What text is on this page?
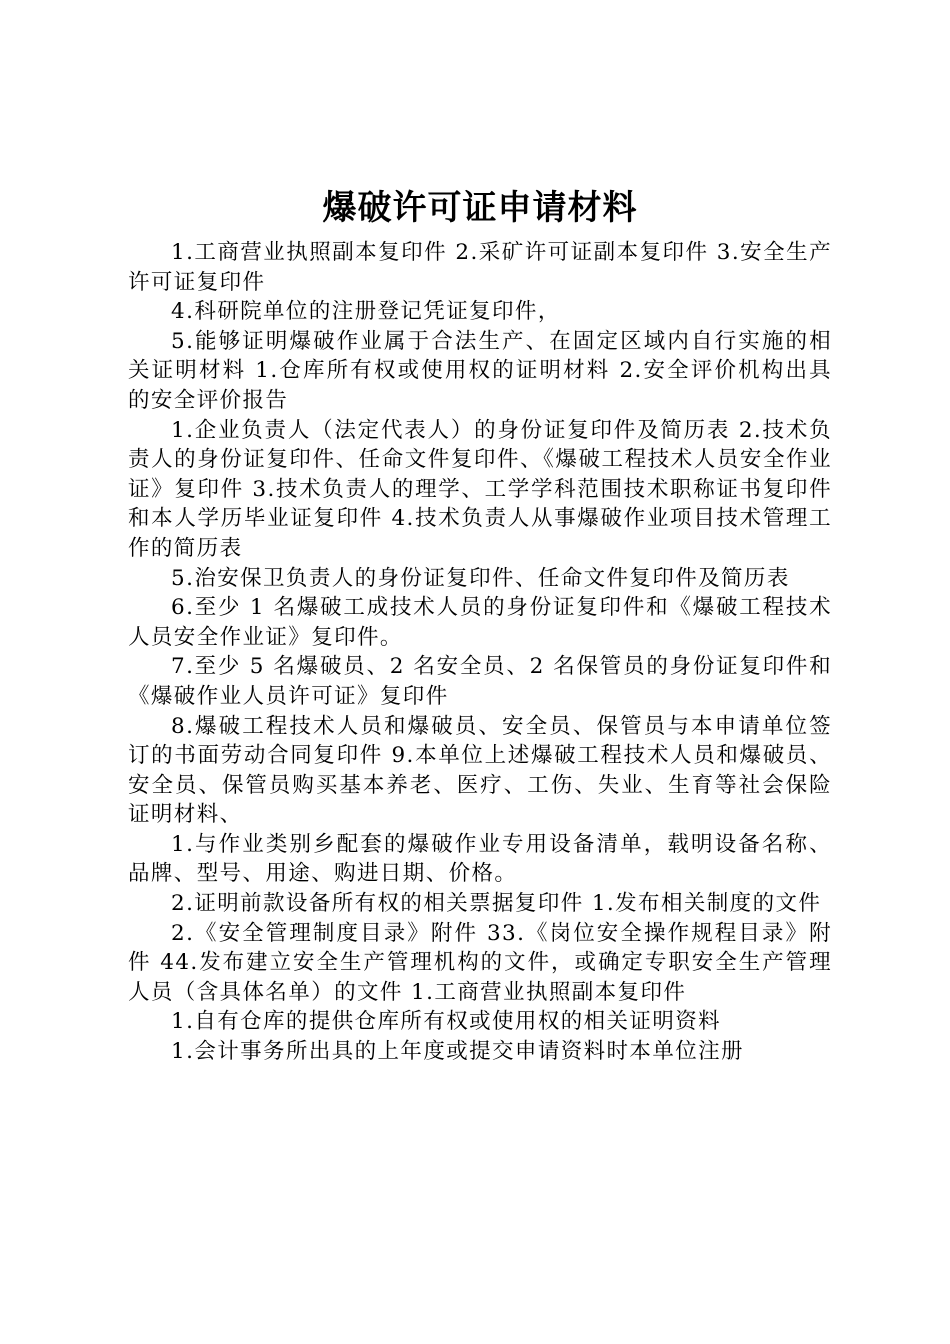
爆破许可证申请材料

1.工商营业执照副本复印件 2.采矿许可证副本复印件 3.安全生产许可证复印件

4.科研院单位的注册登记凭证复印件，

5.能够证明爆破作业属于合法生产、在固定区域内自行实施的相关证明材料 1.仓库所有权或使用权的证明材料 2.安全评价机构出具的安全评价报告

1.企业负责人（法定代表人）的身份证复印件及简历表 2.技术负责人的身份证复印件、任命文件复印件、《爆破工程技术人员安全作业证》复印件 3.技术负责人的理学、工学学科范围技术职称证书复印件和本人学历毕业证复印件 4.技术负责人从事爆破作业项目技术管理工作的简历表

5.治安保卫负责人的身份证复印件、任命文件复印件及简历表

6.至少 1 名爆破工成技术人员的身份证复印件和《爆破工程技术人员安全作业证》复印件。

7.至少 5 名爆破员、2 名安全员、2 名保管员的身份证复印件和《爆破作业人员许可证》复印件

8.爆破工程技术人员和爆破员、安全员、保管员与本申请单位签订的书面劳动合同复印件 9.本单位上述爆破工程技术人员和爆破员、安全员、保管员购买基本养老、医疗、工伤、失业、生育等社会保险证明材料、

1.与作业类别乡配套的爆破作业专用设备清单，载明设备名称、品牌、型号、用途、购进日期、价格。

2.证明前款设备所有权的相关票据复印件 1.发布相关制度的文件

2.《安全管理制度目录》附件 33.《岗位安全操作规程目录》附件 44.发布建立安全生产管理机构的文件，或确定专职安全生产管理人员（含具体名单）的文件 1.工商营业执照副本复印件

1.自有仓库的提供仓库所有权或使用权的相关证明资料

1.会计事务所出具的上年度或提交申请资料时本单位注册
